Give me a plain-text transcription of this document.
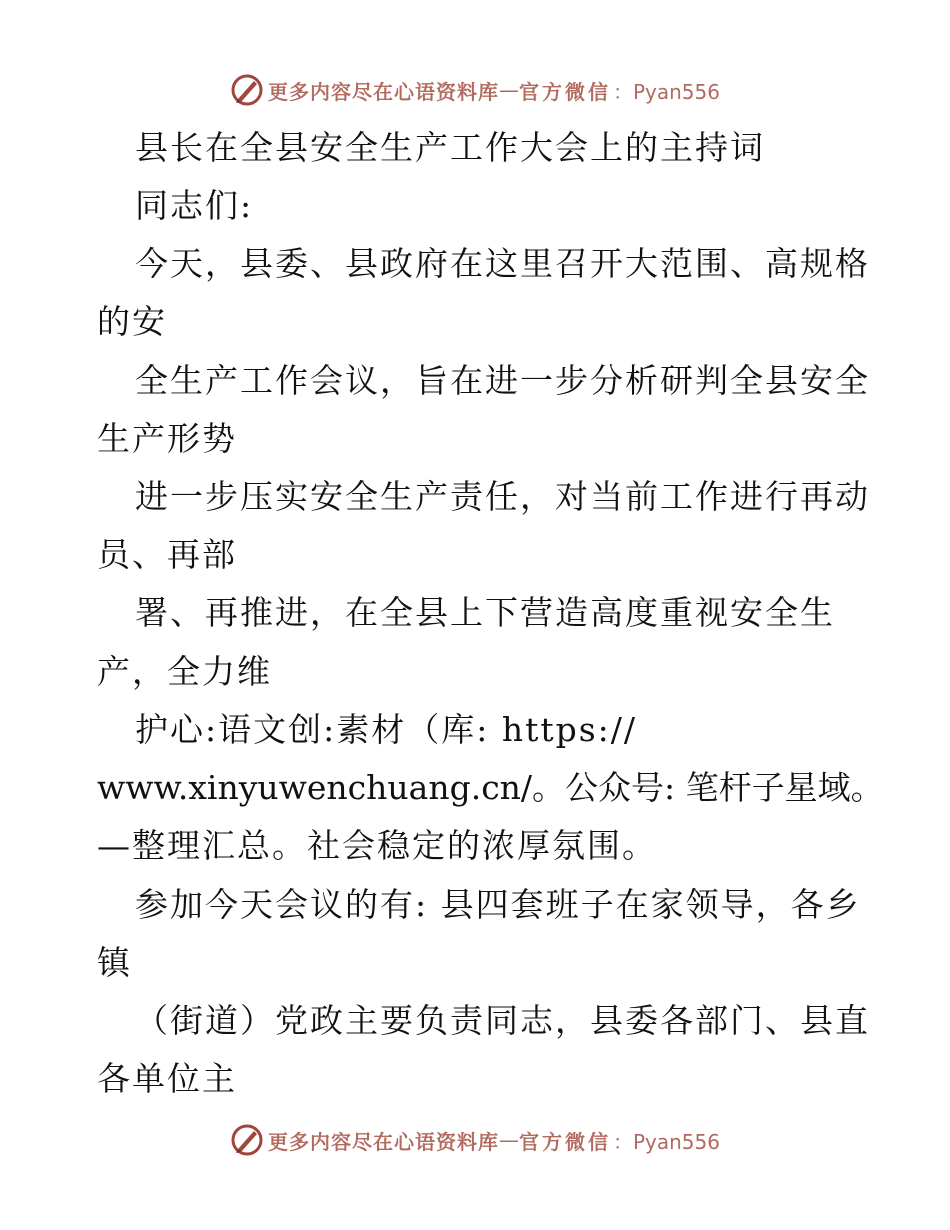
更多内容尽在心语资料库 — 官方微信 ：Pyan556
县长在全县安全生产工作大会上的主持词
同志们:
今天，县委、县政府在这里召开大范围、高规格
的安
全生产工作会议，旨在进一步分析研判全县安全
生产形势
进一步压实安全生产责任，对当前工作进行再动
员、再部
署、再推进，在全县上下营造高度重视安全生
产，全力维
护心:语文创:素材（库: https://
www.xinyuwenchuang.cn/。公众号: 笔杆子星域。
—整理汇总。社会稳定的浓厚氛围。
参加今天会议的有: 县四套班子在家领导，各乡
镇
（街道）党政主要负责同志，县委各部门、县直
各单位主
更多内容尽在心语资料库 — 官方微信 ：Pyan556
